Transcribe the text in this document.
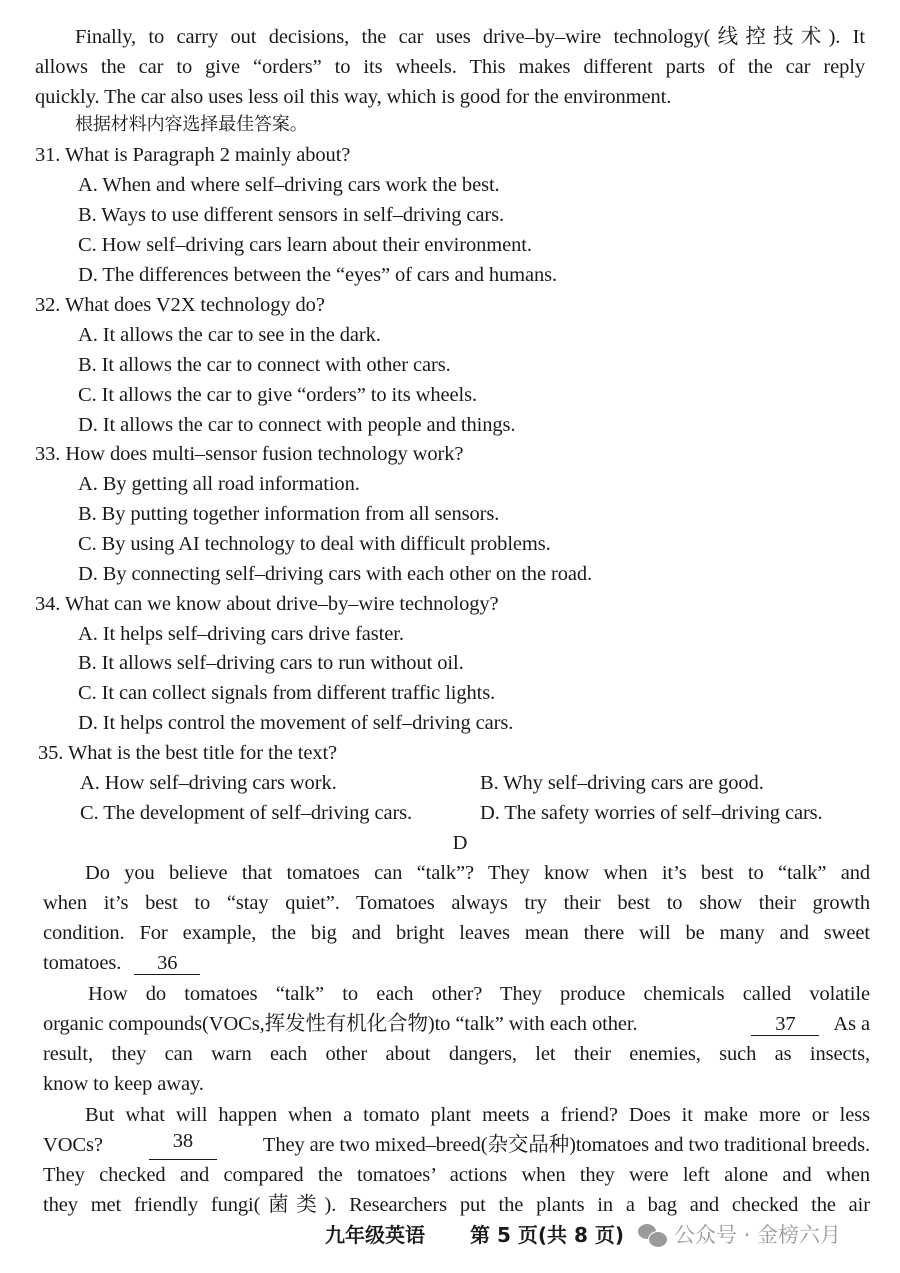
Finally, to carry out decisions, the car uses drive–by–wire technology(线控技术). It
allows the car to give “orders” to its wheels. This makes different parts of the car reply
quickly. The car also uses less oil this way, which is good for the environment.
根据材料内容选择最佳答案。
31. What is Paragraph 2 mainly about?
A. When and where self–driving cars work the best.
B. Ways to use different sensors in self–driving cars.
C. How self–driving cars learn about their environment.
D. The differences between the “eyes” of cars and humans.
32. What does V2X technology do?
A. It allows the car to see in the dark.
B. It allows the car to connect with other cars.
C. It allows the car to give “orders” to its wheels.
D. It allows the car to connect with people and things.
33. How does multi–sensor fusion technology work?
A. By getting all road information.
B. By putting together information from all sensors.
C. By using AI technology to deal with difficult problems.
D. By connecting self–driving cars with each other on the road.
34. What can we know about drive–by–wire technology?
A. It helps self–driving cars drive faster.
B. It allows self–driving cars to run without oil.
C. It can collect signals from different traffic lights.
D. It helps control the movement of self–driving cars.
35. What is the best title for the text?
A. How self–driving cars work.	B. Why self–driving cars are good.
C. The development of self–driving cars.	D. The safety worries of self–driving cars.
D
Do you believe that tomatoes can “talk”? They know when it’s best to “talk” and
when it’s best to “stay quiet”. Tomatoes always try their best to show their growth
condition. For example, the big and bright leaves mean there will be many and sweet
tomatoes. 36
How do tomatoes “talk” to each other? They produce chemicals called volatile
organic compounds(VOCs,挥发性有机化合物)to “talk” with each other.	37 As a
result, they can warn each other about dangers, let their enemies, such as insects,
know to keep away.
But what will happen when a tomato plant meets a friend? Does it make more or less
VOCs?	38	They are two mixed–breed(杂交品种)tomatoes and two traditional breeds.
They checked and compared the tomatoes’ actions when they were left alone and when
they met friendly fungi(菌类). Researchers put the plants in a bag and checked the air
九年级英语 第 5 页(共 8 页) 公众号 · 金榜六月
